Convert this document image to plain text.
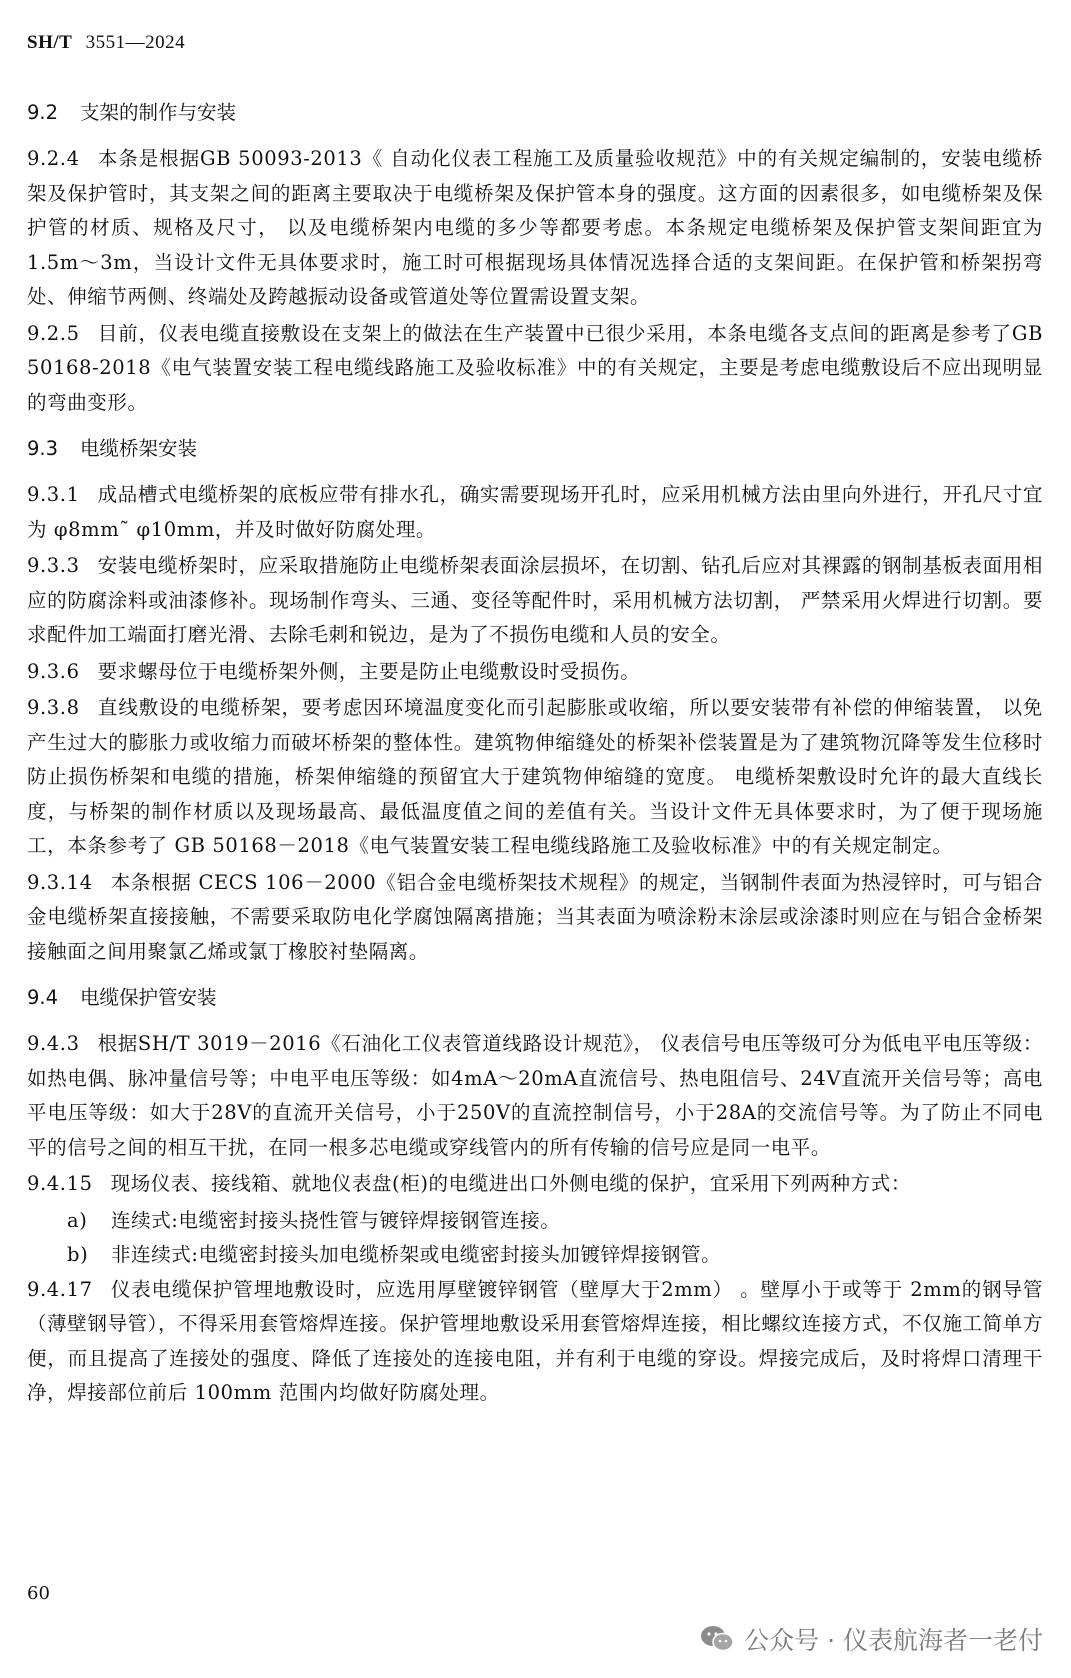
SH/T 3551—2024
9.2 支架的制作与安装
9.2.4 本条是根据GB 50093-2013《 自动化仪表工程施工及质量验收规范》中的有关规定编制的，安装电缆桥架及保护管时，其支架之间的距离主要取决于电缆桥架及保护管本身的强度。这方面的因素很多，如电缆桥架及保护管的材质、规格及尺寸， 以及电缆桥架内电缆的多少等都要考虑。本条规定电缆桥架及保护管支架间距宜为1.5m～3m，当设计文件无具体要求时，施工时可根据现场具体情况选择合适的支架间距。在保护管和桥架拐弯处、伸缩节两侧、终端处及跨越振动设备或管道处等位置需设置支架。
9.2.5 目前，仪表电缆直接敷设在支架上的做法在生产装置中已很少采用，本条电缆各支点间的距离是参考了GB 50168-2018《电气装置安装工程电缆线路施工及验收标准》中的有关规定，主要是考虑电缆敷设后不应出现明显的弯曲变形。
9.3 电缆桥架安装
9.3.1 成品槽式电缆桥架的底板应带有排水孔，确实需要现场开孔时，应采用机械方法由里向外进行，开孔尺寸宜为 φ8mm˜ φ10mm，并及时做好防腐处理。
9.3.3 安装电缆桥架时，应采取措施防止电缆桥架表面涂层损坏，在切割、钻孔后应对其裸露的钢制基板表面用相应的防腐涂料或油漆修补。现场制作弯头、三通、变径等配件时，采用机械方法切割， 严禁采用火焊进行切割。要求配件加工端面打磨光滑、去除毛刺和锐边，是为了不损伤电缆和人员的安全。
9.3.6 要求螺母位于电缆桥架外侧，主要是防止电缆敷设时受损伤。
9.3.8 直线敷设的电缆桥架，要考虑因环境温度变化而引起膨胀或收缩，所以要安装带有补偿的伸缩装置， 以免产生过大的膨胀力或收缩力而破坏桥架的整体性。建筑物伸缩缝处的桥架补偿装置是为了建筑物沉降等发生位移时防止损伤桥架和电缆的措施，桥架伸缩缝的预留宜大于建筑物伸缩缝的宽度。 电缆桥架敷设时允许的最大直线长度，与桥架的制作材质以及现场最高、最低温度值之间的差值有关。当设计文件无具体要求时，为了便于现场施工，本条参考了 GB 50168－2018《电气装置安装工程电缆线路施工及验收标准》中的有关规定制定。
9.3.14 本条根据 CECS 106－2000《铝合金电缆桥架技术规程》的规定，当钢制件表面为热浸锌时，可与铝合金电缆桥架直接接触，不需要采取防电化学腐蚀隔离措施；当其表面为喷涂粉末涂层或涂漆时则应在与铝合金桥架接触面之间用聚氯乙烯或氯丁橡胶衬垫隔离。
9.4 电缆保护管安装
9.4.3 根据SH/T 3019－2016《石油化工仪表管道线路设计规范》， 仪表信号电压等级可分为低电平电压等级：如热电偶、脉冲量信号等；中电平电压等级：如4mA～20mA直流信号、热电阻信号、24V直流开关信号等；高电平电压等级：如大于28V的直流开关信号，小于250V的直流控制信号，小于28A的交流信号等。为了防止不同电平的信号之间的相互干扰，在同一根多芯电缆或穿线管内的所有传输的信号应是同一电平。
9.4.15 现场仪表、接线箱、就地仪表盘(柜)的电缆进出口外侧电缆的保护，宜采用下列两种方式：
a) 连续式:电缆密封接头挠性管与镀锌焊接钢管连接。
b) 非连续式:电缆密封接头加电缆桥架或电缆密封接头加镀锌焊接钢管。
9.4.17 仪表电缆保护管埋地敷设时，应选用厚壁镀锌钢管（壁厚大于2mm） 。壁厚小于或等于 2mm的钢导管（薄壁钢导管），不得采用套管熔焊连接。保护管埋地敷设采用套管熔焊连接，相比螺纹连接方式，不仅施工简单方便，而且提高了连接处的强度、降低了连接处的连接电阻，并有利于电缆的穿设。焊接完成后，及时将焊口清理干净，焊接部位前后 100mm 范围内均做好防腐处理。
60
公众号 · 仪表航海者一老付
